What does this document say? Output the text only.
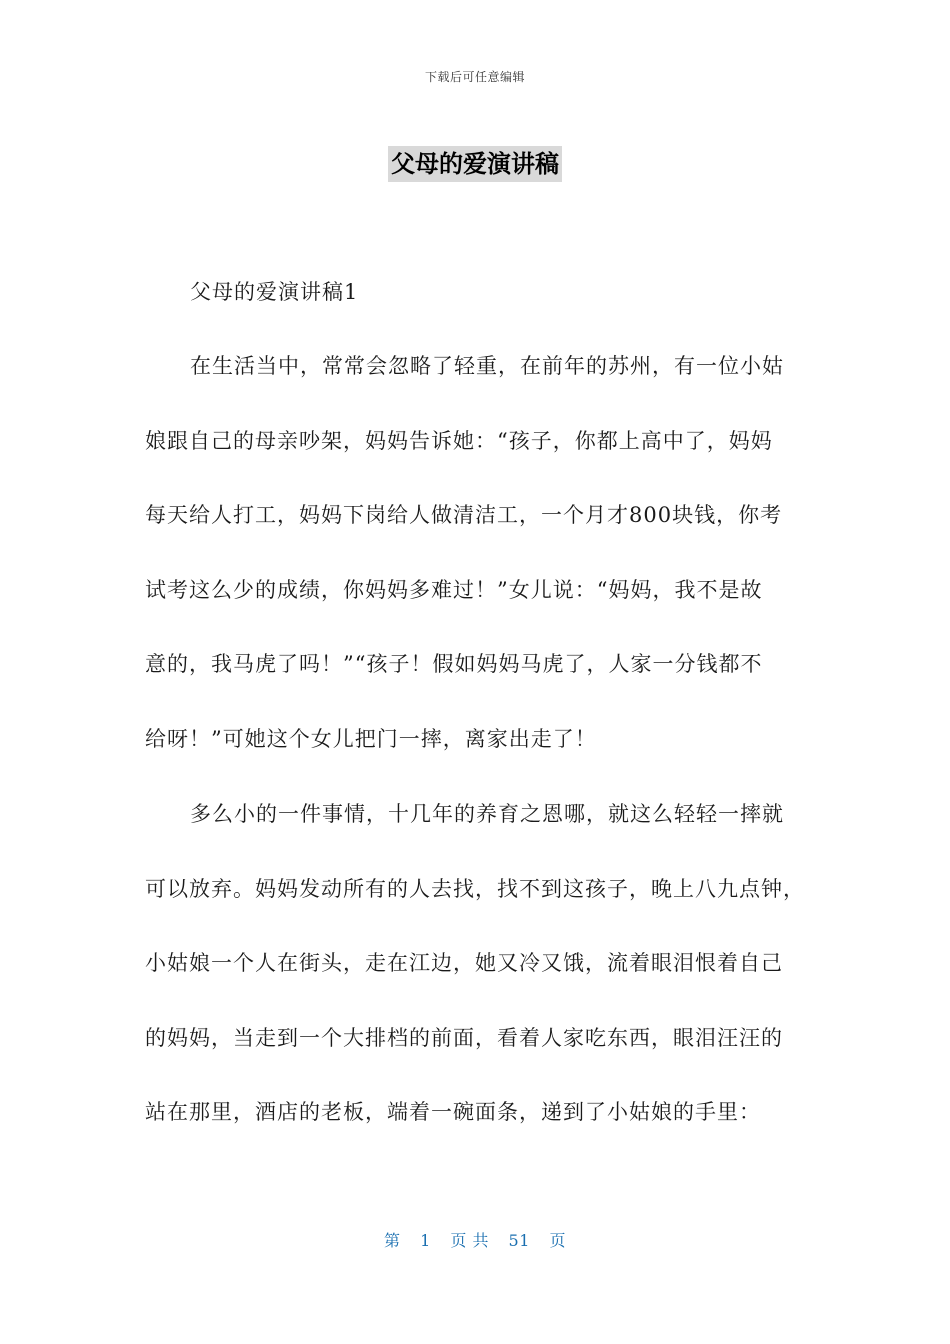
下载后可任意编辑
父母的爱演讲稿
父母的爱演讲稿1
在生活当中，常常会忽略了轻重，在前年的苏州，有一位小姑
娘跟自己的母亲吵架，妈妈告诉她：“孩子，你都上高中了，妈妈
每天给人打工，妈妈下岗给人做清洁工，一个月才800块钱，你考
试考这么少的成绩，你妈妈多难过！”女儿说：“妈妈，我不是故
意的，我马虎了吗！”“孩子！假如妈妈马虎了，人家一分钱都不
给呀！”可她这个女儿把门一摔，离家出走了！
多么小的一件事情，十几年的养育之恩哪，就这么轻轻一摔就
可以放弃。妈妈发动所有的人去找，找不到这孩子，晚上八九点钟，
小姑娘一个人在街头，走在江边，她又冷又饿，流着眼泪恨着自己
的妈妈，当走到一个大排档的前面，看着人家吃东西，眼泪汪汪的
站在那里，酒店的老板，端着一碗面条，递到了小姑娘的手里：
第 1 页 共 51 页
